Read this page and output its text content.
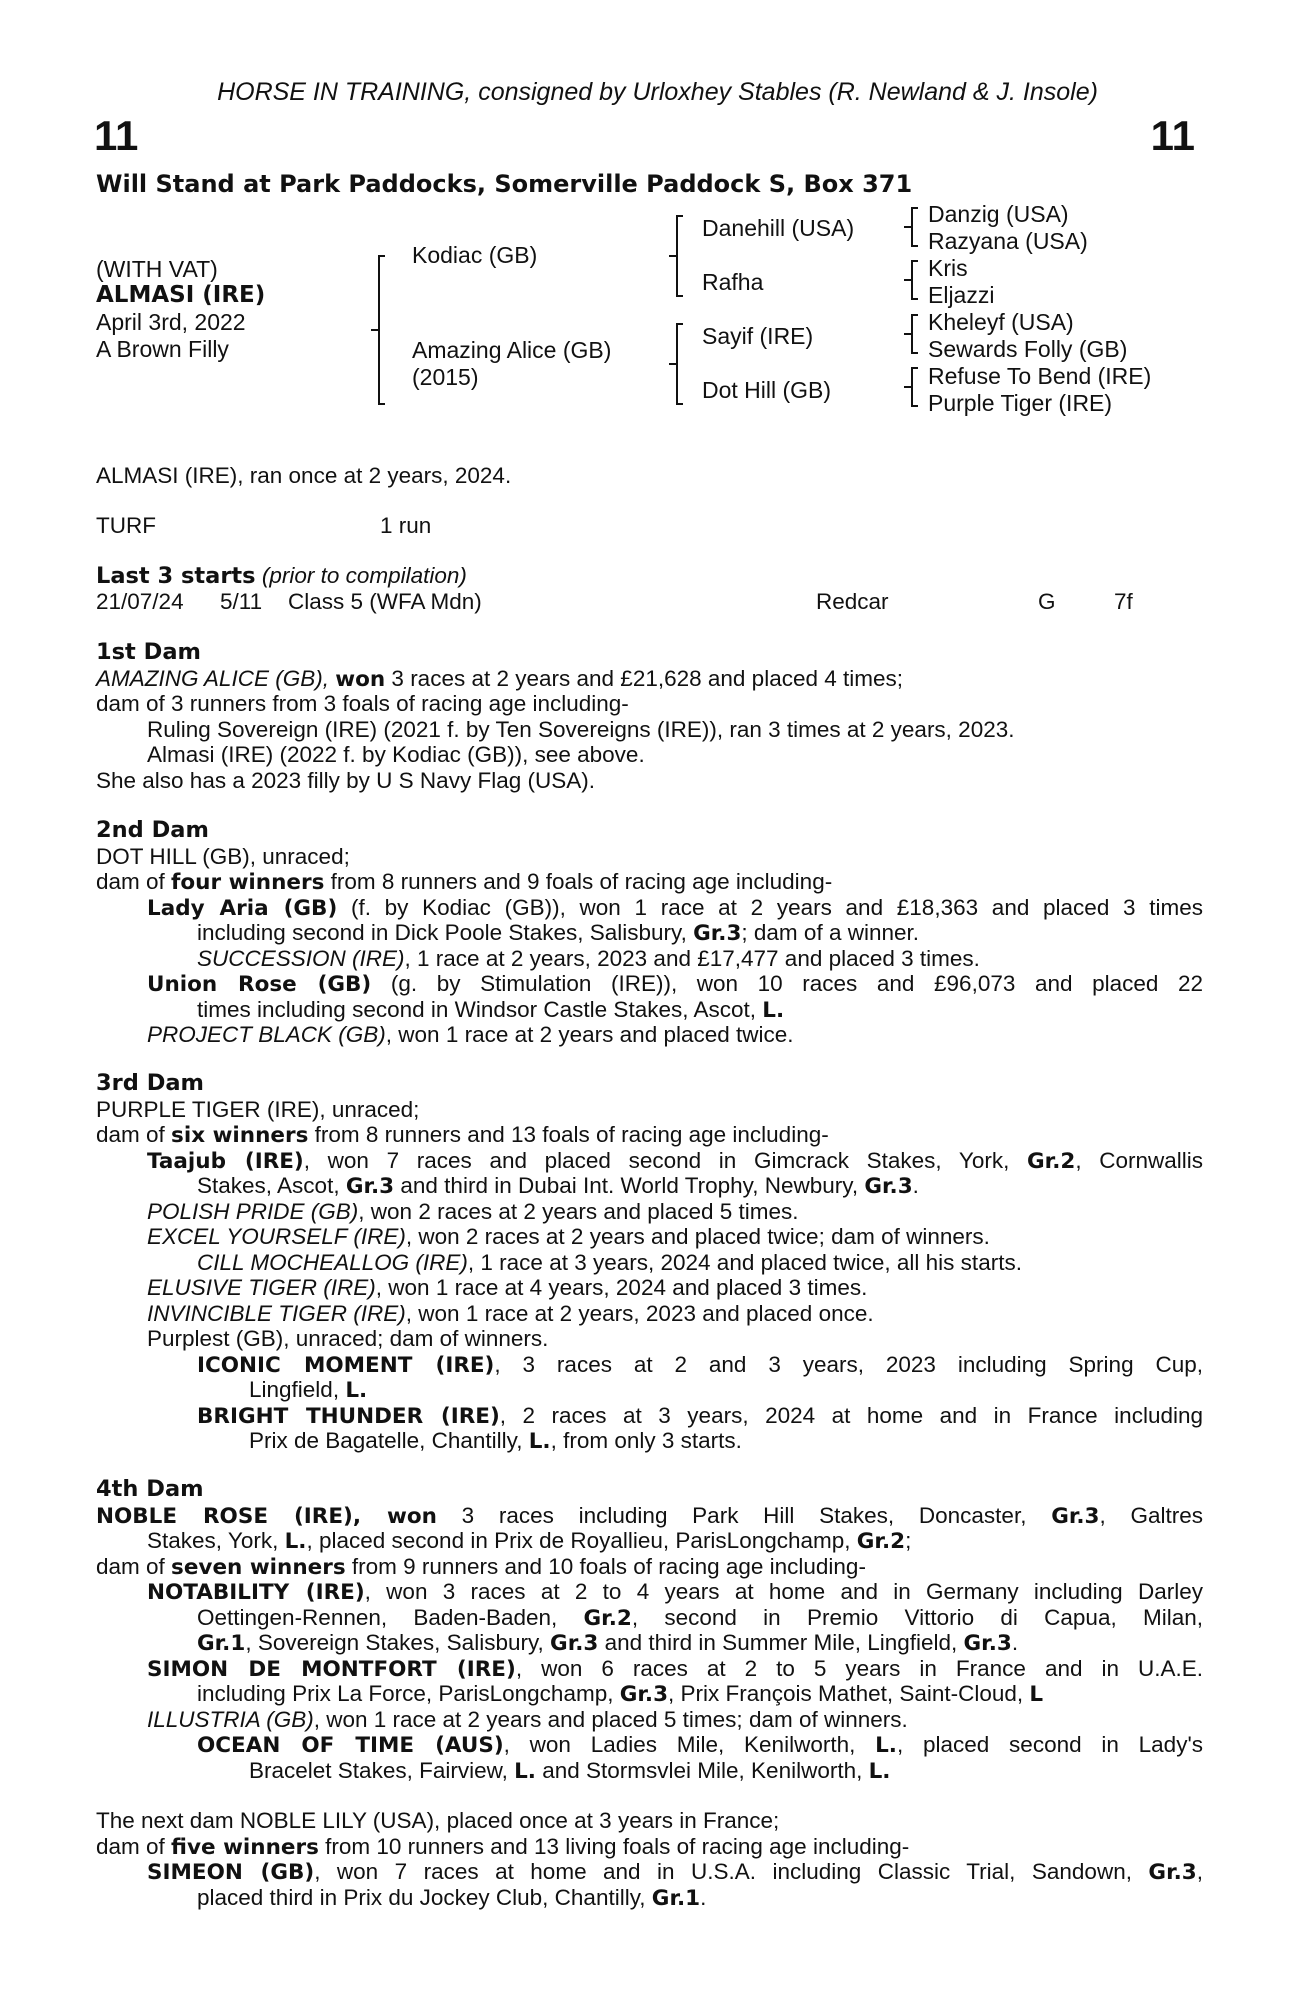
HORSE IN TRAINING, consigned by Urloxhey Stables (R. Newland & J. Insole)
11	11
Will Stand at Park Paddocks, Somerville Paddock S, Box 371
(WITH VAT)
ALMASI (IRE)
April 3rd, 2022
A Brown Filly
Kodiac (GB)
Amazing Alice (GB)
(2015)
Danehill (USA)
Rafha
Sayif (IRE)
Dot Hill (GB)
Danzig (USA)
Razyana (USA)
Kris
Eljazzi
Kheleyf (USA)
Sewards Folly (GB)
Refuse To Bend (IRE)
Purple Tiger (IRE)
ALMASI (IRE), ran once at 2 years, 2024.
TURF	1 run
Last 3 starts (prior to compilation)
21/07/24 5/11 Class 5 (WFA Mdn)	Redcar	G	7f
1st Dam
AMAZING ALICE (GB), won 3 races at 2 years and £21,628 and placed 4 times;
dam of 3 runners from 3 foals of racing age including-
Ruling Sovereign (IRE) (2021 f. by Ten Sovereigns (IRE)), ran 3 times at 2 years, 2023.
Almasi (IRE) (2022 f. by Kodiac (GB)), see above.
She also has a 2023 filly by U S Navy Flag (USA).
2nd Dam
DOT HILL (GB), unraced;
dam of four winners from 8 runners and 9 foals of racing age including-
Lady Aria (GB) (f. by Kodiac (GB)), won 1 race at 2 years and £18,363 and placed 3 times
including second in Dick Poole Stakes, Salisbury, Gr.3; dam of a winner.
SUCCESSION (IRE), 1 race at 2 years, 2023 and £17,477 and placed 3 times.
Union Rose (GB) (g. by Stimulation (IRE)), won 10 races and £96,073 and placed 22
times including second in Windsor Castle Stakes, Ascot, L.
PROJECT BLACK (GB), won 1 race at 2 years and placed twice.
3rd Dam
PURPLE TIGER (IRE), unraced;
dam of six winners from 8 runners and 13 foals of racing age including-
Taajub (IRE), won 7 races and placed second in Gimcrack Stakes, York, Gr.2, Cornwallis
Stakes, Ascot, Gr.3 and third in Dubai Int. World Trophy, Newbury, Gr.3.
POLISH PRIDE (GB), won 2 races at 2 years and placed 5 times.
EXCEL YOURSELF (IRE), won 2 races at 2 years and placed twice; dam of winners.
CILL MOCHEALLOG (IRE), 1 race at 3 years, 2024 and placed twice, all his starts.
ELUSIVE TIGER (IRE), won 1 race at 4 years, 2024 and placed 3 times.
INVINCIBLE TIGER (IRE), won 1 race at 2 years, 2023 and placed once.
Purplest (GB), unraced; dam of winners.
ICONIC MOMENT (IRE), 3 races at 2 and 3 years, 2023 including Spring Cup,
Lingfield, L.
BRIGHT THUNDER (IRE), 2 races at 3 years, 2024 at home and in France including
Prix de Bagatelle, Chantilly, L., from only 3 starts.
4th Dam
NOBLE ROSE (IRE), won 3 races including Park Hill Stakes, Doncaster, Gr.3, Galtres
Stakes, York, L., placed second in Prix de Royallieu, ParisLongchamp, Gr.2;
dam of seven winners from 9 runners and 10 foals of racing age including-
NOTABILITY (IRE), won 3 races at 2 to 4 years at home and in Germany including Darley
Oettingen-Rennen, Baden-Baden, Gr.2, second in Premio Vittorio di Capua, Milan,
Gr.1, Sovereign Stakes, Salisbury, Gr.3 and third in Summer Mile, Lingfield, Gr.3.
SIMON DE MONTFORT (IRE), won 6 races at 2 to 5 years in France and in U.A.E.
including Prix La Force, ParisLongchamp, Gr.3, Prix François Mathet, Saint-Cloud, L
ILLUSTRIA (GB), won 1 race at 2 years and placed 5 times; dam of winners.
OCEAN OF TIME (AUS), won Ladies Mile, Kenilworth, L., placed second in Lady's
Bracelet Stakes, Fairview, L. and Stormsvlei Mile, Kenilworth, L.
The next dam NOBLE LILY (USA), placed once at 3 years in France;
dam of five winners from 10 runners and 13 living foals of racing age including-
SIMEON (GB), won 7 races at home and in U.S.A. including Classic Trial, Sandown, Gr.3,
placed third in Prix du Jockey Club, Chantilly, Gr.1.
